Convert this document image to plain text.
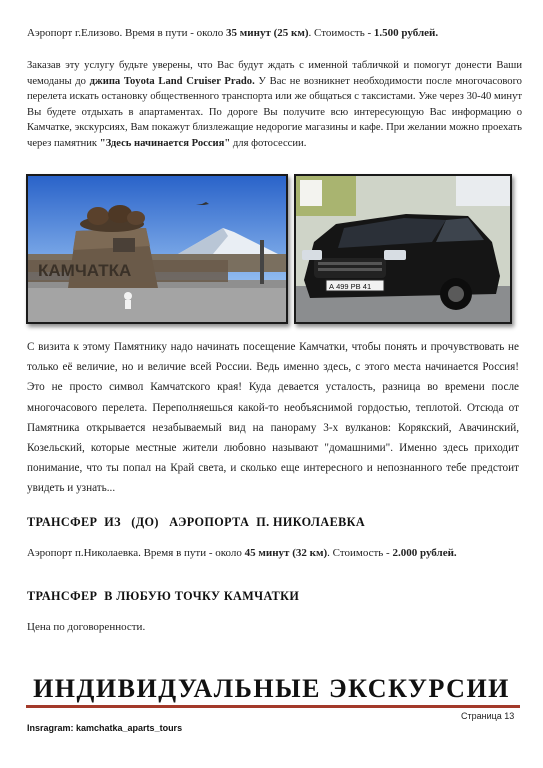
Аэропорт г.Елизово. Время в пути - около 35 минут (25 км). Стоимость - 1.500 рублей.

Заказав эту услугу будьте уверены, что Вас будут ждать с именной табличкой и помогут донести Ваши чемоданы до джипа Toyota Land Cruiser Prado. У Вас не возникнет необходимости после многочасового перелета искать остановку общественного транспорта или же общаться с таксистами. Уже через 30-40 минут Вы будете отдыхать в апартаментах. По дороге Вы получите всю интересующую Вас информацию о Камчатке, экскурсиях, Вам покажут близлежащие недорогие магазины и кафе. При желании можно проехать через памятник "Здесь начинается Россия" для фотосессии.

КАМЧАТКА
А 499 РВ 41

С визита к этому Памятнику надо начинать посещение Камчатки, чтобы понять и прочувствовать не только её величие, но и величие всей России. Ведь именно здесь, с этого места начинается Россия! Это не просто символ Камчатского края! Куда девается усталость, разница во времени после многочасового перелета. Переполняешься какой-то необъяснимой гордостью, теплотой. Отсюда от Памятника открывается незабываемый вид на панораму 3-х вулканов: Корякский, Авачинский, Козельский, которые местные жители любовно называют "домашними". Именно здесь приходит понимание, что ты попал на Край света, и сколько еще интересного и непознанного тебе предстоит увидеть и узнать...

ТРАНСФЕР  ИЗ   (ДО)   АЭРОПОРТА  П. НИКОЛАЕВКА

Аэропорт п.Николаевка. Время в пути - около 45 минут (32 км). Стоимость - 2.000 рублей.

ТРАНСФЕР  В ЛЮБУЮ ТОЧКУ КАМЧАТКИ

Цена по договоренности.

ИНДИВИДУАЛЬНЫЕ ЭКСКУРСИИ
Страница 13
Insragram: kamchatka_aparts_tours
